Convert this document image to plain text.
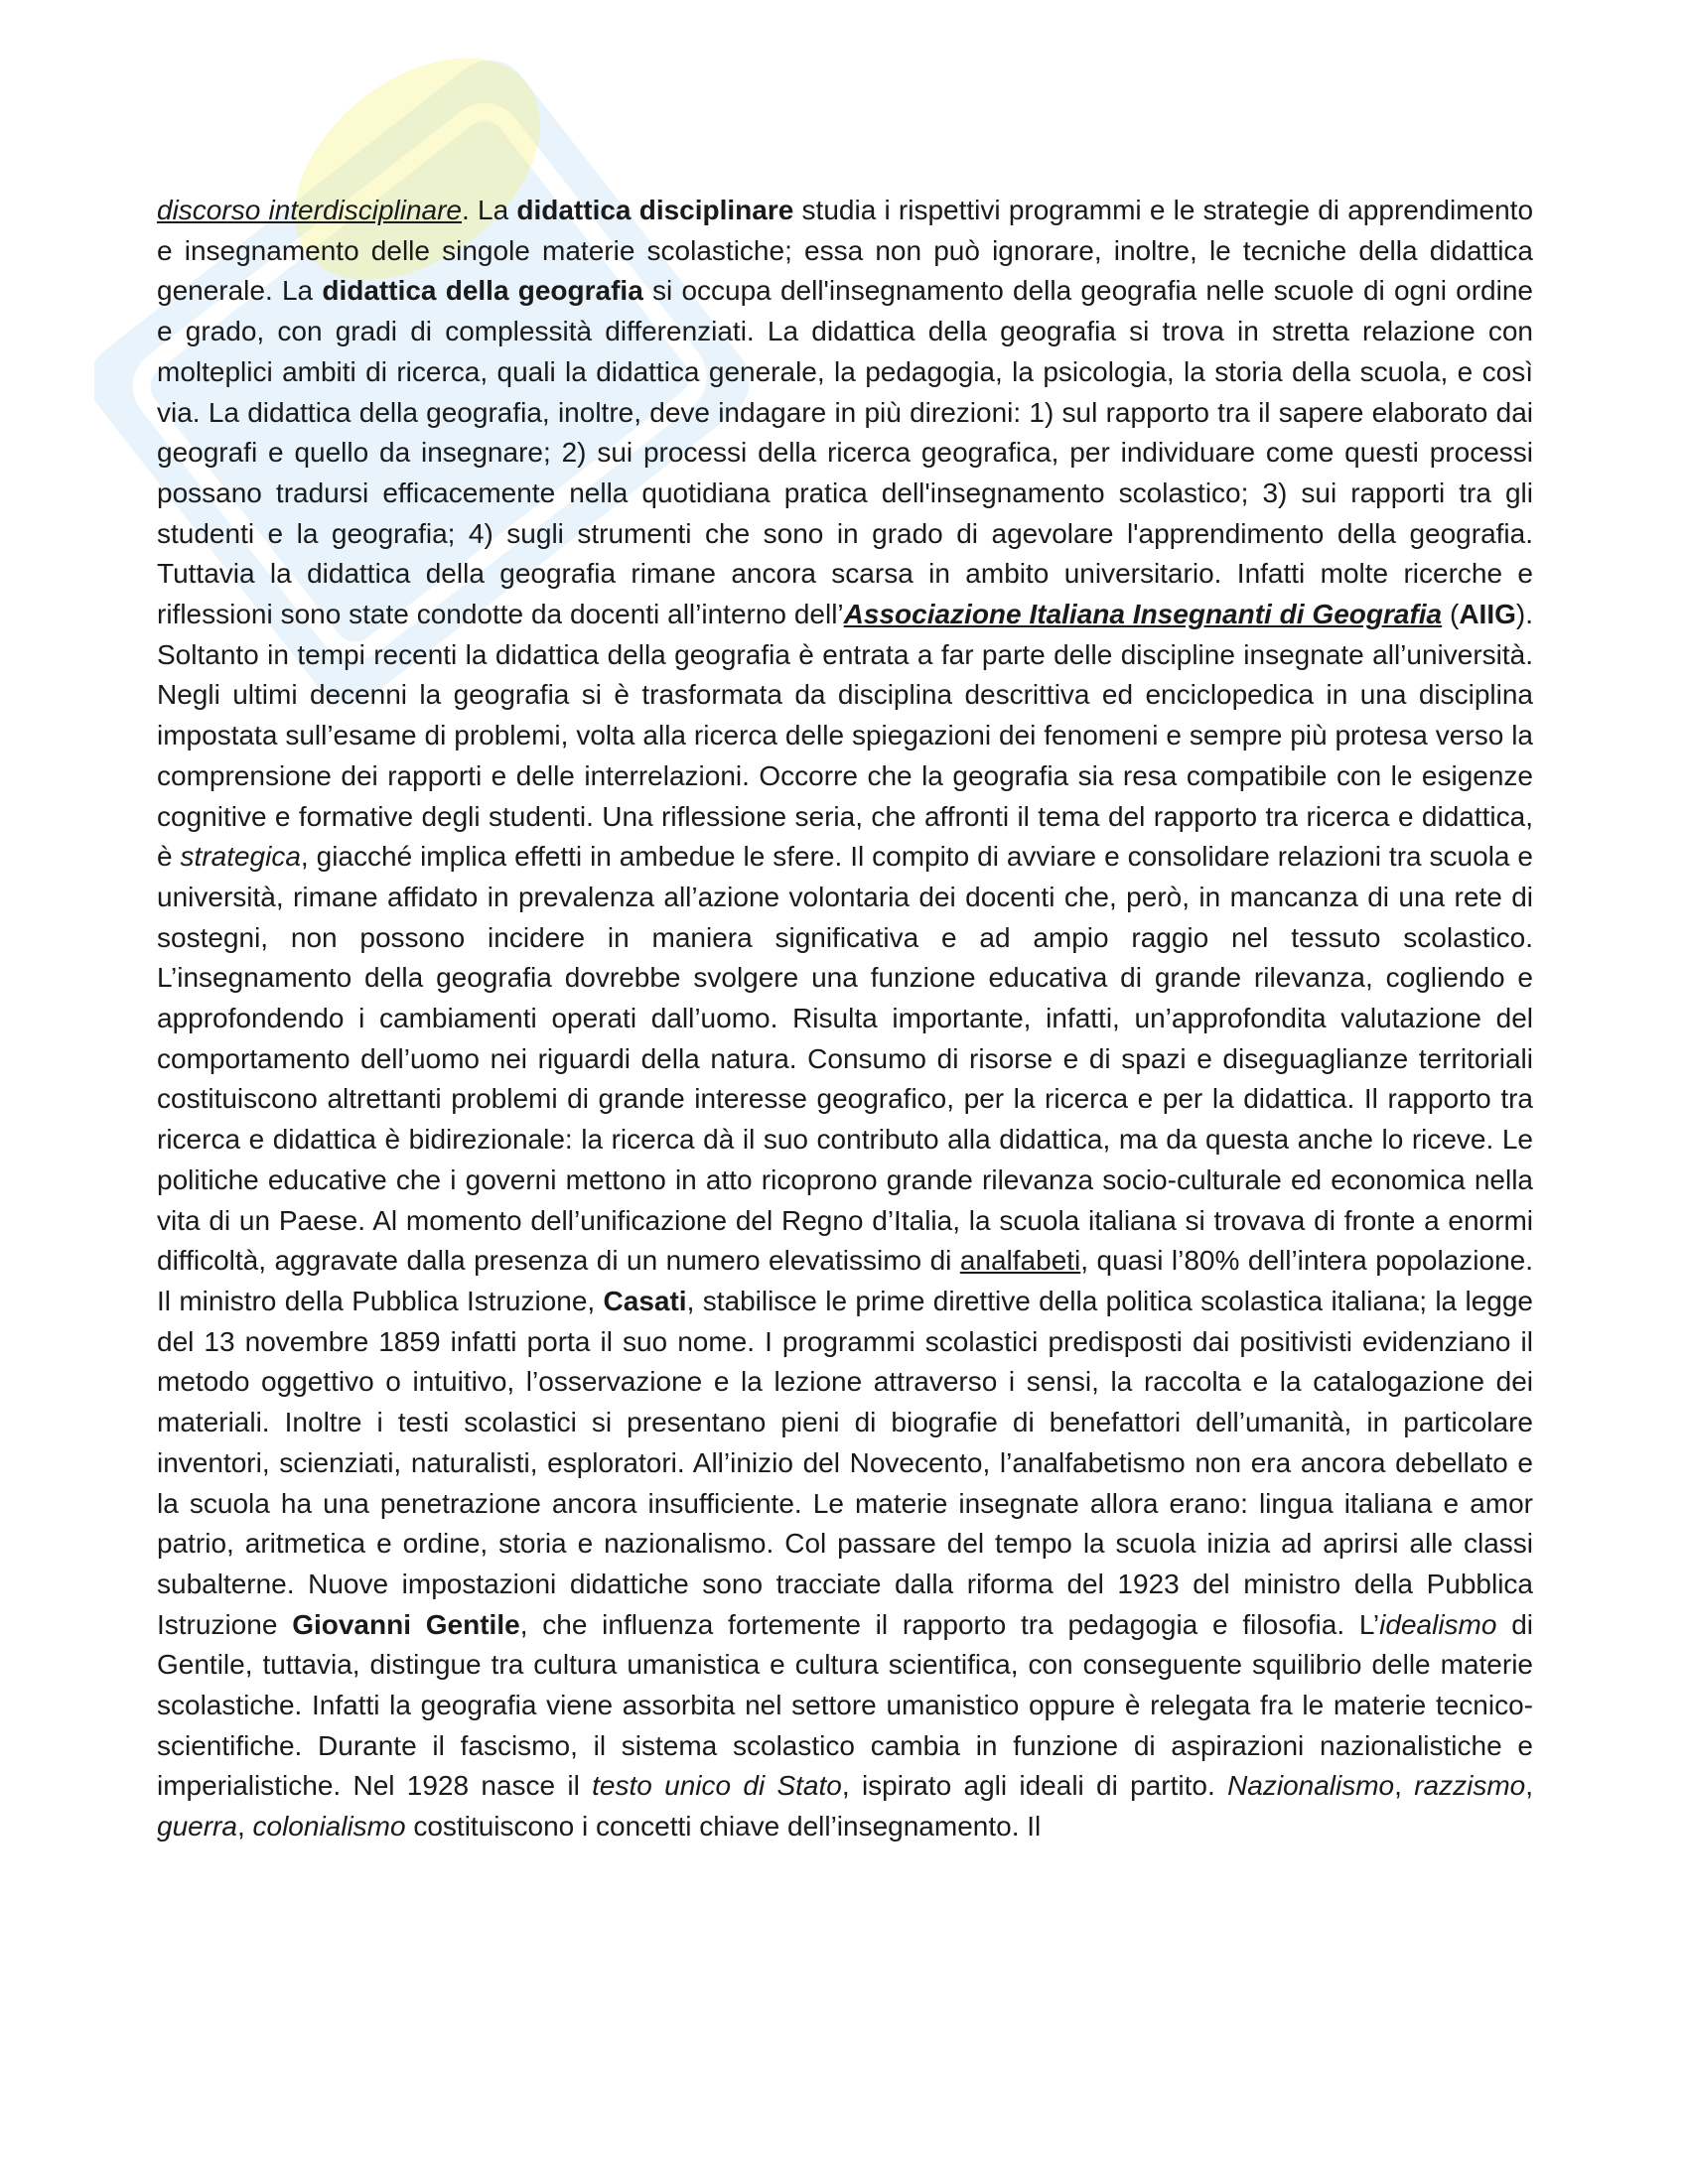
discorso interdisciplinare. La didattica disciplinare studia i rispettivi programmi e le strategie di apprendimento e insegnamento delle singole materie scolastiche; essa non può ignorare, inoltre, le tecniche della didattica generale. La didattica della geografia si occupa dell'insegnamento della geografia nelle scuole di ogni ordine e grado, con gradi di complessità differenziati. La didattica della geografia si trova in stretta relazione con molteplici ambiti di ricerca, quali la didattica generale, la pedagogia, la psicologia, la storia della scuola, e così via. La didattica della geografia, inoltre, deve indagare in più direzioni: 1) sul rapporto tra il sapere elaborato dai geografi e quello da insegnare; 2) sui processi della ricerca geografica, per individuare come questi processi possano tradursi efficacemente nella quotidiana pratica dell'insegnamento scolastico; 3) sui rapporti tra gli studenti e la geografia; 4) sugli strumenti che sono in grado di agevolare l'apprendimento della geografia. Tuttavia la didattica della geografia rimane ancora scarsa in ambito universitario. Infatti molte ricerche e riflessioni sono state condotte da docenti all’interno dell’Associazione Italiana Insegnanti di Geografia (AIIG). Soltanto in tempi recenti la didattica della geografia è entrata a far parte delle discipline insegnate all’università. Negli ultimi decenni la geografia si è trasformata da disciplina descrittiva ed enciclopedica in una disciplina impostata sull’esame di problemi, volta alla ricerca delle spiegazioni dei fenomeni e sempre più protesa verso la comprensione dei rapporti e delle interrelazioni. Occorre che la geografia sia resa compatibile con le esigenze cognitive e formative degli studenti. Una riflessione seria, che affronti il tema del rapporto tra ricerca e didattica, è strategica, giacché implica effetti in ambedue le sfere. Il compito di avviare e consolidare relazioni tra scuola e università, rimane affidato in prevalenza all’azione volontaria dei docenti che, però, in mancanza di una rete di sostegni, non possono incidere in maniera significativa e ad ampio raggio nel tessuto scolastico. L’insegnamento della geografia dovrebbe svolgere una funzione educativa di grande rilevanza, cogliendo e approfondendo i cambiamenti operati dall’uomo. Risulta importante, infatti, un’approfondita valutazione del comportamento dell’uomo nei riguardi della natura. Consumo di risorse e di spazi e diseguaglianze territoriali costituiscono altrettanti problemi di grande interesse geografico, per la ricerca e per la didattica. Il rapporto tra ricerca e didattica è bidirezionale: la ricerca dà il suo contributo alla didattica, ma da questa anche lo riceve. Le politiche educative che i governi mettono in atto ricoprono grande rilevanza socio-culturale ed economica nella vita di un Paese. Al momento dell’unificazione del Regno d’Italia, la scuola italiana si trovava di fronte a enormi difficoltà, aggravate dalla presenza di un numero elevatissimo di analfabeti, quasi l’80% dell’intera popolazione. Il ministro della Pubblica Istruzione, Casati, stabilisce le prime direttive della politica scolastica italiana; la legge del 13 novembre 1859 infatti porta il suo nome. I programmi scolastici predisposti dai positivisti evidenziano il metodo oggettivo o intuitivo, l’osservazione e la lezione attraverso i sensi, la raccolta e la catalogazione dei materiali. Inoltre i testi scolastici si presentano pieni di biografie di benefattori dell’umanità, in particolare inventori, scienziati, naturalisti, esploratori. All’inizio del Novecento, l’analfabetismo non era ancora debellato e la scuola ha una penetrazione ancora insufficiente. Le materie insegnate allora erano: lingua italiana e amor patrio, aritmetica e ordine, storia e nazionalismo. Col passare del tempo la scuola inizia ad aprirsi alle classi subalterne. Nuove impostazioni didattiche sono tracciate dalla riforma del 1923 del ministro della Pubblica Istruzione Giovanni Gentile, che influenza fortemente il rapporto tra pedagogia e filosofia. L’idealismo di Gentile, tuttavia, distingue tra cultura umanistica e cultura scientifica, con conseguente squilibrio delle materie scolastiche. Infatti la geografia viene assorbita nel settore umanistico oppure è relegata fra le materie tecnico-scientifiche. Durante il fascismo, il sistema scolastico cambia in funzione di aspirazioni nazionalistiche e imperialistiche. Nel 1928 nasce il testo unico di Stato, ispirato agli ideali di partito. Nazionalismo, razzismo, guerra, colonialismo costituiscono i concetti chiave dell’insegnamento. Il
